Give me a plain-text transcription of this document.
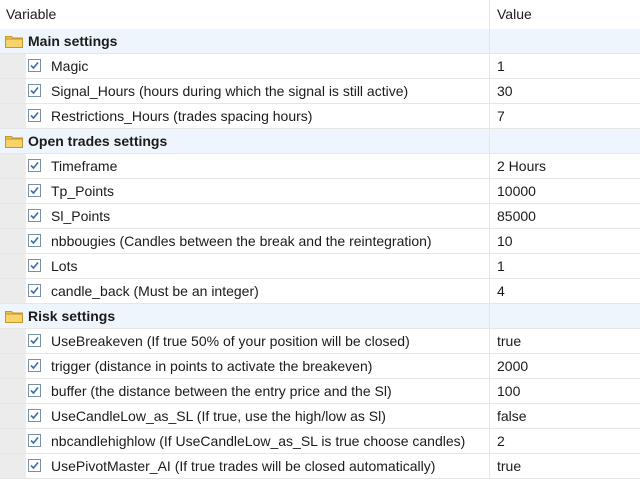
Variable	Value
Main settings
Magic	1
Signal_Hours (hours during which the signal is still active)	30
Restrictions_Hours (trades spacing hours)	7
Open trades settings
Timeframe	2 Hours
Tp_Points	10000
Sl_Points	85000
nbbougies (Candles between the break and the reintegration)	10
Lots	1
candle_back (Must be an integer)	4
Risk settings
UseBreakeven (If true 50% of your position will be closed)	true
trigger (distance in points to activate the breakeven)	2000
buffer (the distance between the entry price and the Sl)	100
UseCandleLow_as_SL (If true, use the high/low as Sl)	false
nbcandlehighlow (If UseCandleLow_as_SL is true choose candles) 2
UsePivotMaster_AI (If true trades will be closed automatically)	true
